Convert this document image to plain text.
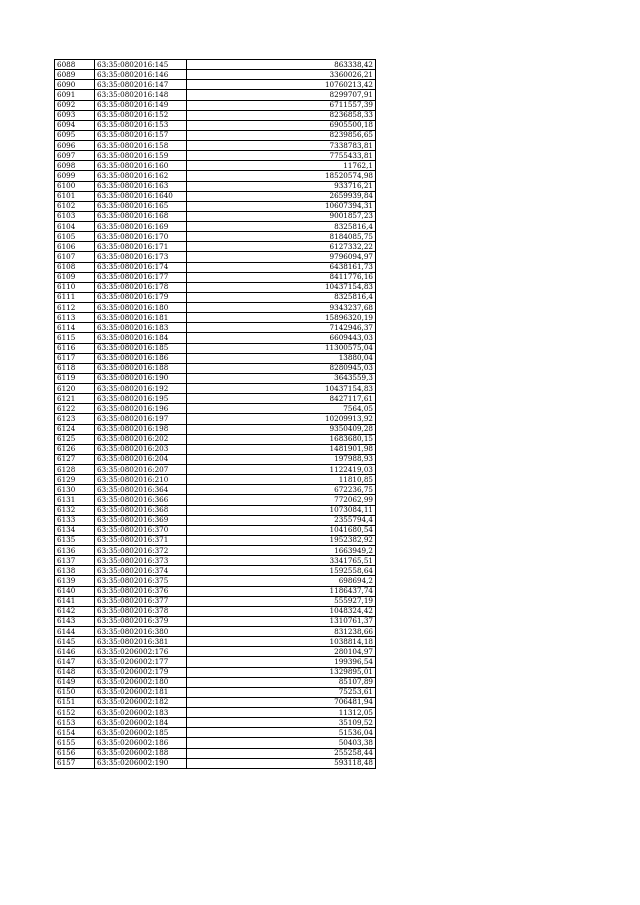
6088	63:35:0802016:145	863338,42
6089	63:35:0802016:146	3360026,21
6090	63:35:0802016:147	10760213,42
6091	63:35:0802016:148	8299707,91
6092	63:35:0802016:149	6711557,39
6093	63:35:0802016:152	8236858,33
6094	63:35:0802016:153	6905500,18
6095	63:35:0802016:157	8239856,65
6096	63:35:0802016:158	7338783,81
6097	63:35:0802016:159	7755433,81
6098	63:35:0802016:160	11762,1
6099	63:35:0802016:162	18520574,98
6100	63:35:0802016:163	933716,21
6101	63:35:0802016:1640	2659939,84
6102	63:35:0802016:165	10607394,31
6103	63:35:0802016:168	9001857,23
6104	63:35:0802016:169	8325816,4
6105	63:35:0802016:170	8184085,75
6106	63:35:0802016:171	6127332,22
6107	63:35:0802016:173	9796094,97
6108	63:35:0802016:174	6438161,73
6109	63:35:0802016:177	8411776,16
6110	63:35:0802016:178	10437154,83
6111	63:35:0802016:179	8325816,4
6112	63:35:0802016:180	9343237,68
6113	63:35:0802016:181	15896320,19
6114	63:35:0802016:183	7142946,37
6115	63:35:0802016:184	6609443,03
6116	63:35:0802016:185	11300575,04
6117	63:35:0802016:186	13880,04
6118	63:35:0802016:188	8280945,03
6119	63:35:0802016:190	3643559,3
6120	63:35:0802016:192	10437154,83
6121	63:35:0802016:195	8427117,61
6122	63:35:0802016:196	7564,05
6123	63:35:0802016:197	10209913,92
6124	63:35:0802016:198	9350409,28
6125	63:35:0802016:202	1683680,15
6126	63:35:0802016:203	1481901,98
6127	63:35:0802016:204	197988,93
6128	63:35:0802016:207	1122419,03
6129	63:35:0802016:210	11810,85
6130	63:35:0802016:364	672236,75
6131	63:35:0802016:366	772062,99
6132	63:35:0802016:368	1073084,11
6133	63:35:0802016:369	2355794,4
6134	63:35:0802016:370	1041680,54
6135	63:35:0802016:371	1952382,92
6136	63:35:0802016:372	1663949,2
6137	63:35:0802016:373	3341765,51
6138	63:35:0802016:374	1592558,64
6139	63:35:0802016:375	698694,2
6140	63:35:0802016:376	1186437,74
6141	63:35:0802016:377	555927,19
6142	63:35:0802016:378	1048324,42
6143	63:35:0802016:379	1310761,37
6144	63:35:0802016:380	831238,66
6145	63:35:0802016:381	1038814,18
6146	63:35:0206002:176	280104,97
6147	63:35:0206002:177	199396,54
6148	63:35:0206002:179	1329895,01
6149	63:35:0206002:180	85107,89
6150	63:35:0206002:181	75253,61
6151	63:35:0206002:182	706481,94
6152	63:35:0206002:183	11312,05
6153	63:35:0206002:184	35109,52
6154	63:35:0206002:185	51536,04
6155	63:35:0206002:186	50403,38
6156	63:35:0206002:188	255258,44
6157	63:35:0206002:190	593118,48
